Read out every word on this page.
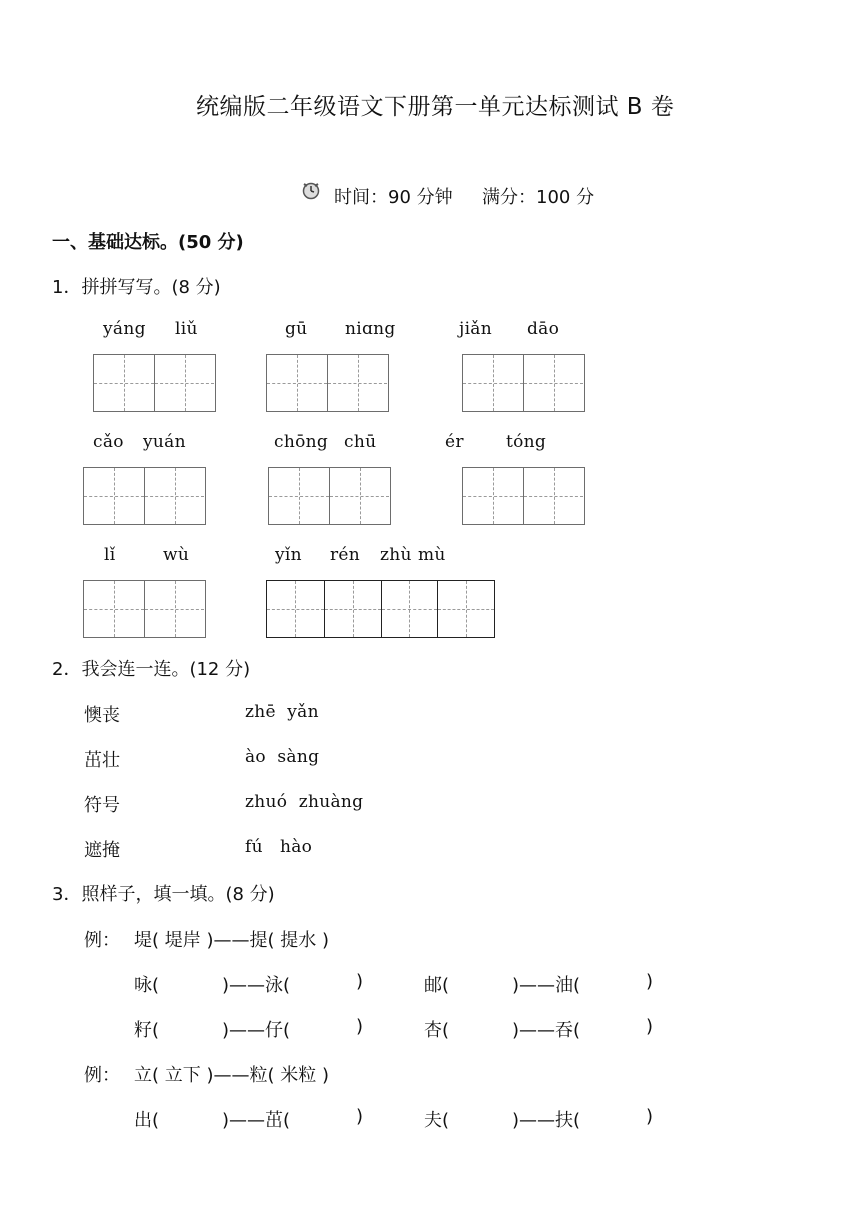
统编版二年级语文下册第一单元达标测试 B 卷
时间：90 分钟 满分：100 分
一、基础达标。(50 分)
1．拼拼写写。(8 分)
yáng liǔ	gū niɑng	jiǎn dāo
cǎo yuán	chōng chū	ér tóng
lǐ	wù	yǐn rén zhù mù
2．我会连一连。(12 分)
懊丧
茁壮
符号
遮掩
zhē  yǎn
ào  sàng
zhuó  zhuàng
fú   hào
3．照样子，填一填。(8 分)
例： 堤( 堤岸 )——提( 提水 )
咏(	)——泳(	)	邮(	)——油(	)
籽(	)——仔(	)	杏(	)——吞(	)
例： 立( 立下 )——粒( 米粒 )
出(	)——茁(	)	夫(	)——扶(	)
